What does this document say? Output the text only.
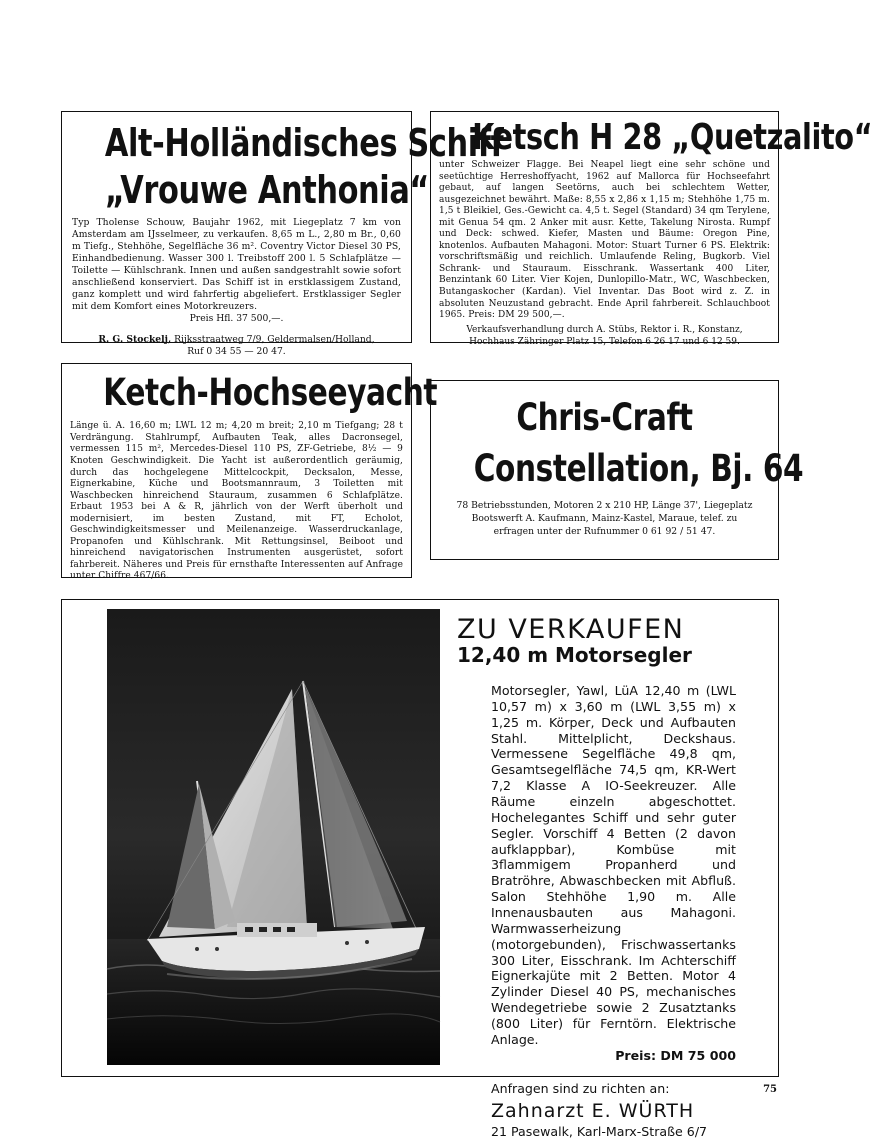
Alt-Holländisches Schiff
„Vrouwe Anthonia“

Typ Tholense Schouw, Baujahr 1962, mit Liegeplatz 7 km von Amsterdam am IJsselmeer, zu verkaufen. 8,65 m L., 2,80 m Br., 0,60 m Tiefg., Stehhöhe, Segelfläche 36 m². Coventry Victor Diesel 30 PS, Einhandbedienung. Wasser 300 l. Treibstoff 200 l. 5 Schlafplätze — Toilette — Kühlschrank. Innen und außen sandgestrahlt sowie sofort anschließend konserviert. Das Schiff ist in erstklassigem Zustand, ganz komplett und wird fahrfertig abgeliefert. Erstklassiger Segler mit dem Komfort eines Motorkreuzers.

Preis Hfl. 37 500,—.

R. G. Stockelj, Rijksstraatweg 7/9, Geldermalsen/Holland,
Ruf 0 34 55 — 20 47.
Ketsch H 28 „Quetzalito“

unter Schweizer Flagge. Bei Neapel liegt eine sehr schöne und seetüchtige Herreshoffyacht, 1962 auf Mallorca für Hochseefahrt gebaut, auf langen Seetörns, auch bei schlechtem Wetter, ausgezeichnet bewährt. Maße: 8,55 x 2,86 x 1,15 m; Stehhöhe 1,75 m. 1,5 t Bleikiel, Ges.-Gewicht ca. 4,5 t. Segel (Standard) 34 qm Terylene, mit Genua 54 qm. 2 Anker mit ausr. Kette, Takelung Nirosta. Rumpf und Deck: schwed. Kiefer, Masten und Bäume: Oregon Pine, knotenlos. Aufbauten Mahagoni. Motor: Stuart Turner 6 PS. Elektrik: vorschriftsmäßig und reichlich. Umlaufende Reling, Bugkorb. Viel Schrank- und Stauraum. Eisschrank. Wassertank 400 Liter, Benzintank 60 Liter. Vier Kojen, Dunlopillo-Matr., WC, Waschbecken, Butangaskocher (Kardan). Viel Inventar. Das Boot wird z. Z. in absoluten Neuzustand gebracht. Ende April fahrbereit. Schlauchboot 1965. Preis: DM 29 500,—.

Verkaufsverhandlung durch A. Stübs, Rektor i. R., Konstanz,
Hochhaus Zähringer Platz 15, Telefon 6 26 17 und 6 12 59.
Ketch-Hochseeyacht

Länge ü. A. 16,60 m; LWL 12 m; 4,20 m breit; 2,10 m Tiefgang; 28 t Verdrängung. Stahlrumpf, Aufbauten Teak, alles Dacronsegel, vermessen 115 m², Mercedes-Diesel 110 PS, ZF-Getriebe, 8½ — 9 Knoten Geschwindigkeit. Die Yacht ist außerordentlich geräumig, durch das hochgelegene Mittelcockpit, Decksalon, Messe, Eignerkabine, Küche und Bootsmannraum, 3 Toiletten mit Waschbecken hinreichend Stauraum, zusammen 6 Schlafplätze. Erbaut 1953 bei A & R, jährlich von der Werft überholt und modernisiert, im besten Zustand, mit FT, Echolot, Geschwindigkeitsmesser und Meilenanzeige. Wasserdruckanlage, Propanofen und Kühlschrank. Mit Rettungsinsel, Beiboot und hinreichend navigatorischen Instrumenten ausgerüstet, sofort fahrbereit. Näheres und Preis für ernsthafte Interessenten auf Anfrage unter Chiffre 467/66.

Chris-Craft
Constellation, Bj. 64
78 Betriebsstunden, Motoren 2 x 210 HP, Länge 37', Liegeplatz
Bootswerft A. Kaufmann, Mainz-Kastel, Maraue, telef. zu
erfragen unter der Rufnummer 0 61 92 / 51 47.
ZU VERKAUFEN
12,40 m Motorsegler

Motorsegler, Yawl, LüA 12,40 m (LWL 10,57 m) x 3,60 m (LWL 3,55 m) x 1,25 m. Körper, Deck und Aufbauten Stahl. Mittelplicht, Deckshaus. Vermessene Segelfläche 49,8 qm, Gesamtsegelfläche 74,5 qm, KR-Wert 7,2 Klasse A IO-Seekreuzer. Alle Räume einzeln abgeschottet. Hochelegantes Schiff und sehr guter Segler. Vorschiff 4 Betten (2 davon aufklappbar), Kombüse mit 3flammigem Propanherd und Bratröhre, Abwaschbecken mit Abfluß. Salon Stehhöhe 1,90 m. Alle Innenausbauten aus Mahagoni. Warmwasserheizung (motorgebunden), Frischwassertanks 300 Liter, Eisschrank. Im Achterschiff Eignerkajüte mit 2 Betten. Motor 4 Zylinder Diesel 40 PS, mechanisches Wendegetriebe sowie 2 Zusatztanks (800 Liter) für Ferntörn. Elektrische Anlage.

Preis: DM 75 000

Anfragen sind zu richten an:

Zahnarzt E. WÜRTH

21 Pasewalk, Karl-Marx-Straße 6/7

75
